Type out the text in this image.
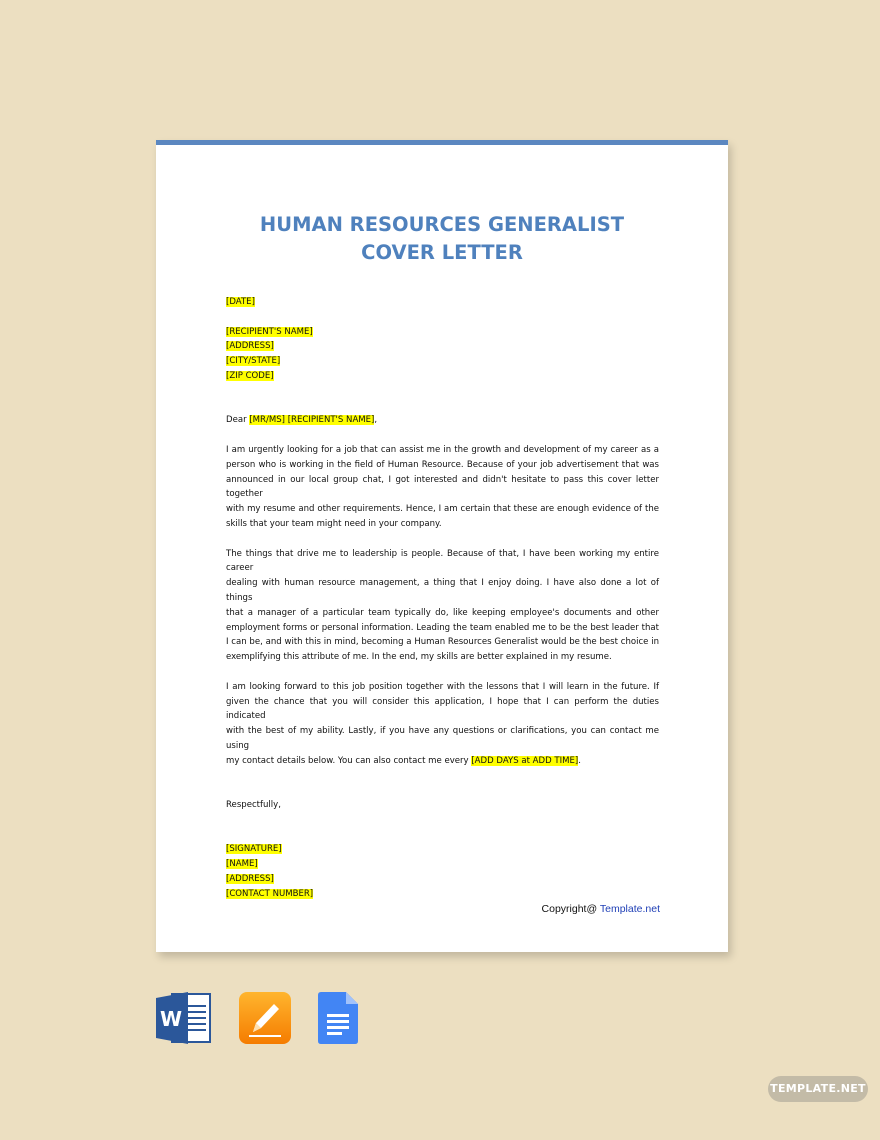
HUMAN RESOURCES GENERALIST
COVER LETTER
[DATE]
[RECIPIENT'S NAME]
[ADDRESS]
[CITY/STATE]
[ZIP CODE]
Dear [MR/MS] [RECIPIENT'S NAME],
I am urgently looking for a job that can assist me in the growth and development of my career as a
person who is working in the field of Human Resource. Because of your job advertisement that was
announced in our local group chat, I got interested and didn't hesitate to pass this cover letter together
with my resume and other requirements. Hence, I am certain that these are enough evidence of the
skills that your team might need in your company.
The things that drive me to leadership is people. Because of that, I have been working my entire career
dealing with human resource management, a thing that I enjoy doing. I have also done a lot of things
that a manager of a particular team typically do, like keeping employee's documents and other
employment forms or personal information. Leading the team enabled me to be the best leader that
I can be, and with this in mind, becoming a Human Resources Generalist would be the best choice in
exemplifying this attribute of me. In the end, my skills are better explained in my resume.
I am looking forward to this job position together with the lessons that I will learn in the future. If
given the chance that you will consider this application, I hope that I can perform the duties indicated
with the best of my ability. Lastly, if you have any questions or clarifications, you can contact me using
my contact details below. You can also contact me every [ADD DAYS at ADD TIME].
Respectfully,
[SIGNATURE]
[NAME]
[ADDRESS]
[CONTACT NUMBER]
Copyright@ Template.net
W
TEMPLATE.NET
